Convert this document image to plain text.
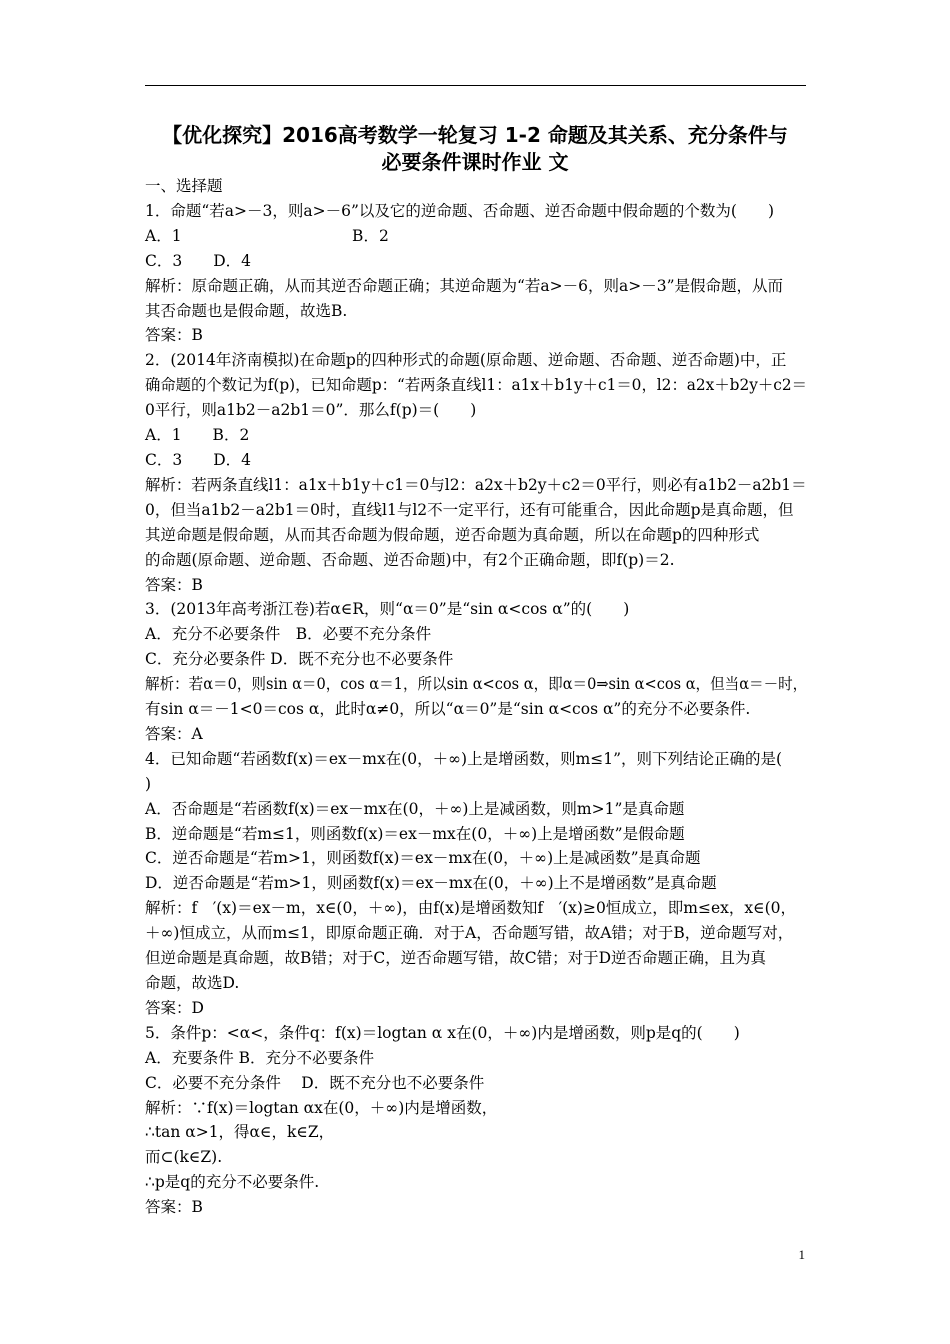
【优化探究】2016高考数学一轮复习 1-2 命题及其关系、充分条件与
必要条件课时作业 文
一、选择题
1．命题“若a>－3，则a>－6”以及它的逆命题、否命题、逆否命题中假命题的个数为(　　)
A．1　　　　　　　　　　　B．2
C．3　　D．4
解析：原命题正确，从而其逆否命题正确；其逆命题为“若a>－6，则a>－3”是假命题，从而
其否命题也是假命题，故选B.
答案：B
2．(2014年济南模拟)在命题p的四种形式的命题(原命题、逆命题、否命题、逆否命题)中，正
确命题的个数记为f(p)，已知命题p：“若两条直线l1：a1x＋b1y＋c1＝0，l2：a2x＋b2y＋c2＝
0平行，则a1b2－a2b1＝0”．那么f(p)＝(　　)
A．1　　B．2
C．3　　D．4
解析：若两条直线l1：a1x＋b1y＋c1＝0与l2：a2x＋b2y＋c2＝0平行，则必有a1b2－a2b1＝
0，但当a1b2－a2b1＝0时，直线l1与l2不一定平行，还有可能重合，因此命题p是真命题，但
其逆命题是假命题，从而其否命题为假命题，逆否命题为真命题，所以在命题p的四种形式
的命题(原命题、逆命题、否命题、逆否命题)中，有2个正确命题，即f(p)＝2.
答案：B
3．(2013年高考浙江卷)若α∈R，则“α＝0”是“sin α<cos α”的(　　)
A．充分不必要条件　B．必要不充分条件
C．充分必要条件 D．既不充分也不必要条件
解析：若α＝0，则sin α＝0，cos α＝1，所以sin α<cos α，即α＝0⇒sin α<cos α，但当α＝－时，
有sin α＝－1<0＝cos α，此时α≠0，所以“α＝0”是“sin α<cos α”的充分不必要条件.
答案：A
4．已知命题“若函数f(x)＝ex－mx在(0，＋∞)上是增函数，则m≤1”，则下列结论正确的是(
)
A．否命题是“若函数f(x)＝ex－mx在(0，＋∞)上是减函数，则m>1”是真命题
B．逆命题是“若m≤1，则函数f(x)＝ex－mx在(0，＋∞)上是增函数”是假命题
C．逆否命题是“若m>1，则函数f(x)＝ex－mx在(0，＋∞)上是减函数”是真命题
D．逆否命题是“若m>1，则函数f(x)＝ex－mx在(0，＋∞)上不是增函数”是真命题
解析：f　′(x)＝ex－m，x∈(0，＋∞)，由f(x)是增函数知f　′(x)≥0恒成立，即m≤ex，x∈(0，
＋∞)恒成立，从而m≤1，即原命题正确．对于A，否命题写错，故A错；对于B，逆命题写对，
但逆命题是真命题，故B错；对于C，逆否命题写错，故C错；对于D逆否命题正确，且为真
命题，故选D.
答案：D
5．条件p：<α<，条件q：f(x)＝logtan α x在(0，＋∞)内是增函数，则p是q的(　　)
A．充要条件 B．充分不必要条件
C．必要不充分条件　 D．既不充分也不必要条件
解析：∵f(x)＝logtan αx在(0，＋∞)内是增函数，
∴tan α>1，得α∈，k∈Z，
而⊂(k∈Z).
∴p是q的充分不必要条件.
答案：B
1
